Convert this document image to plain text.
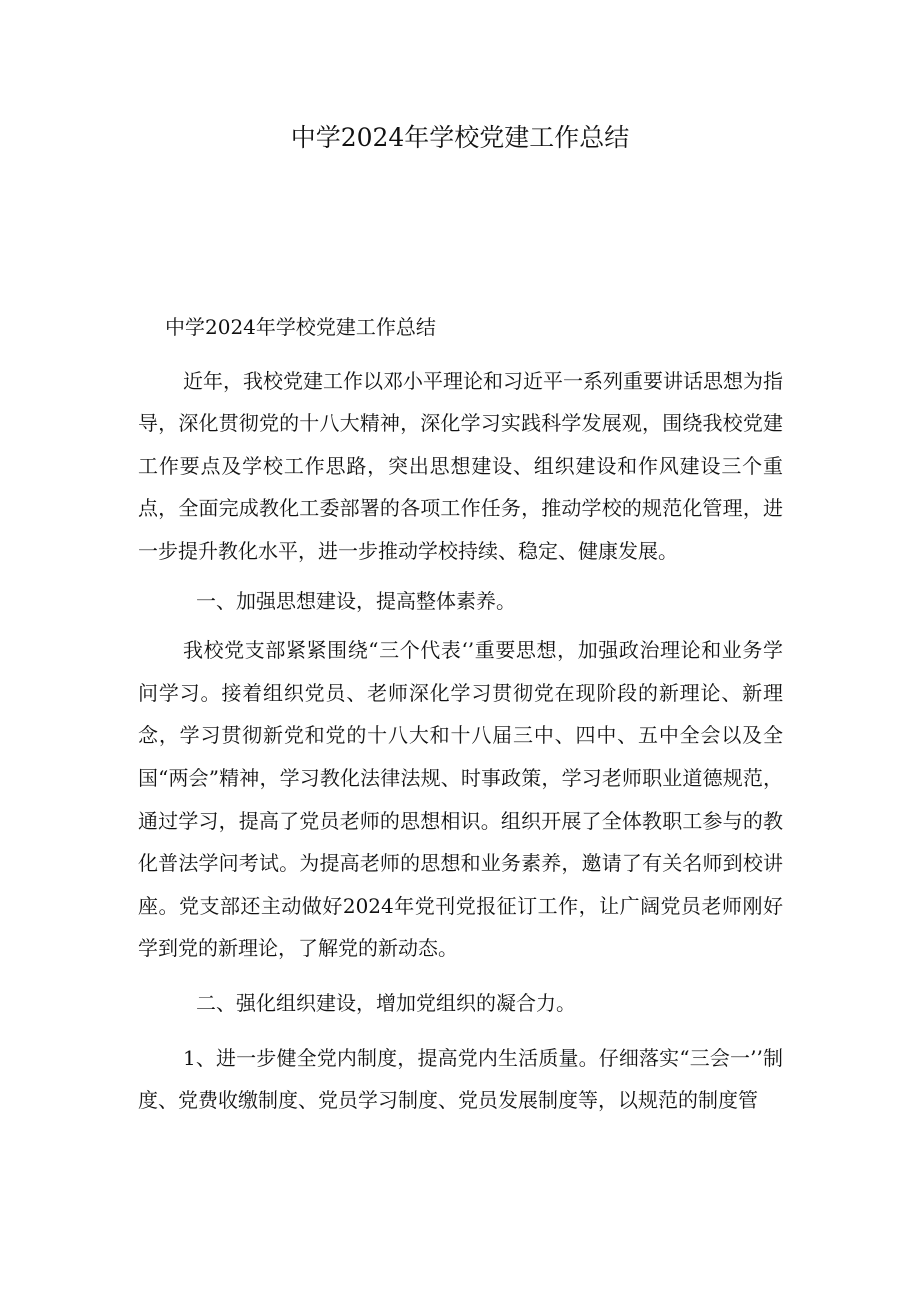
中学2024年学校党建工作总结

中学2024年学校党建工作总结

近年，我校党建工作以邓小平理论和习近平一系列重要讲话思想为指导，深化贯彻党的十八大精神，深化学习实践科学发展观，围绕我校党建工作要点及学校工作思路，突出思想建设、组织建设和作风建设三个重点，全面完成教化工委部署的各项工作任务，推动学校的规范化管理，进一步提升教化水平，进一步推动学校持续、稳定、健康发展。

一、加强思想建设，提高整体素养。

我校党支部紧紧围绕“三个代表‘’重要思想，加强政治理论和业务学问学习。接着组织党员、老师深化学习贯彻党在现阶段的新理论、新理念，学习贯彻新党和党的十八大和十八届三中、四中、五中全会以及全国“两会”精神，学习教化法律法规、时事政策，学习老师职业道德规范，通过学习，提高了党员老师的思想相识。组织开展了全体教职工参与的教化普法学问考试。为提高老师的思想和业务素养，邀请了有关名师到校讲座。党支部还主动做好2024年党刊党报征订工作，让广阔党员老师刚好学到党的新理论，了解党的新动态。

二、强化组织建设，增加党组织的凝合力。

1、进一步健全党内制度，提高党内生活质量。仔细落实“三会一’’制度、党费收缴制度、党员学习制度、党员发展制度等，以规范的制度管
